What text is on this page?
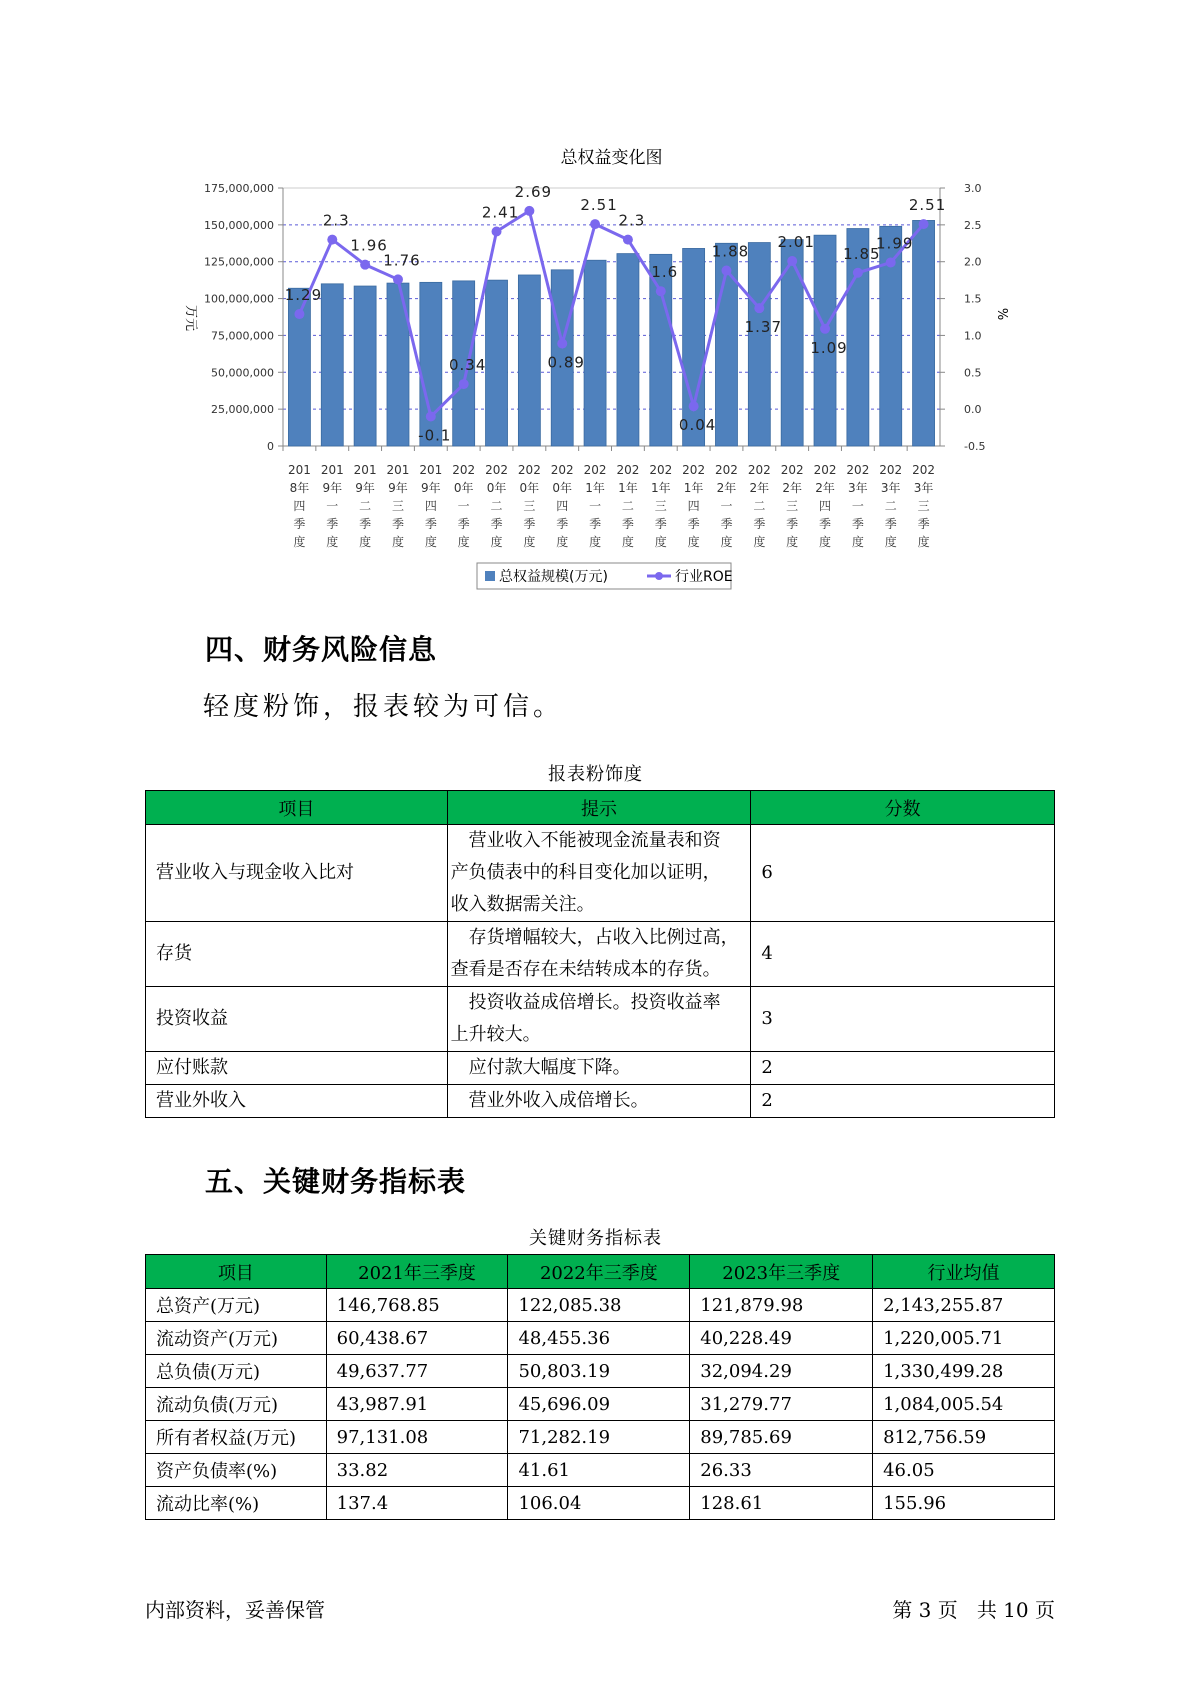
总权益变化图
0
25,000,000
50,000,000
75,000,000
100,000,000
125,000,000
150,000,000
175,000,000
-0.5
0.0
0.5
1.0
1.5
2.0
2.5
3.0
万元	%
201
8年
四
季
度
201
9年
一
季
度
201
9年
二
季
度
201
9年
三
季
度
201
9年
四
季
度
202
0年
一
季
度
202
0年
二
季
度
202
0年
三
季
度
202
0年
四
季
度
202
1年
一
季
度
202
1年
二
季
度
202
1年
三
季
度
202
1年
四
季
度
202
2年
一
季
度
202
2年
二
季
度
202
2年
三
季
度
202
2年
四
季
度
202
3年
一
季
度
202
3年
二
季
度
202
3年
三
季
度
1.29
2.3
1.96
1.76
-0.1
0.34
2.41
2.69
0.89
2.51
2.3
1.6
0.04
1.88
1.37
2.01
1.09
1.85
1.99
2.51
总权益规模(万元)	行业ROE
四、财务风险信息
轻度粉饰，报表较为可信。
报表粉饰度
项目	提示	分数
营业收入与现金收入比对	　营业收入不能被现金流量表和资
产负债表中的科目变化加以证明，
收入数据需关注。	6
存货	　存货增幅较大，占收入比例过高，
查看是否存在未结转成本的存货。	4
投资收益	　投资收益成倍增长。投资收益率
上升较大。	3
应付账款	　应付款大幅度下降。	2
营业外收入	　营业外收入成倍增长。	2
五、关键财务指标表
关键财务指标表
项目	2021年三季度	2022年三季度	2023年三季度	行业均值
总资产(万元)	146,768.85	122,085.38	121,879.98	2,143,255.87
流动资产(万元)	60,438.67	48,455.36	40,228.49	1,220,005.71
总负债(万元)	49,637.77	50,803.19	32,094.29	1,330,499.28
流动负债(万元)	43,987.91	45,696.09	31,279.77	1,084,005.54
所有者权益(万元)	97,131.08	71,282.19	89,785.69	812,756.59
资产负债率(%)	33.82	41.61	26.33	46.05
流动比率(%)	137.4	106.04	128.61	155.96
内部资料，妥善保管	第 3 页   共 10 页
